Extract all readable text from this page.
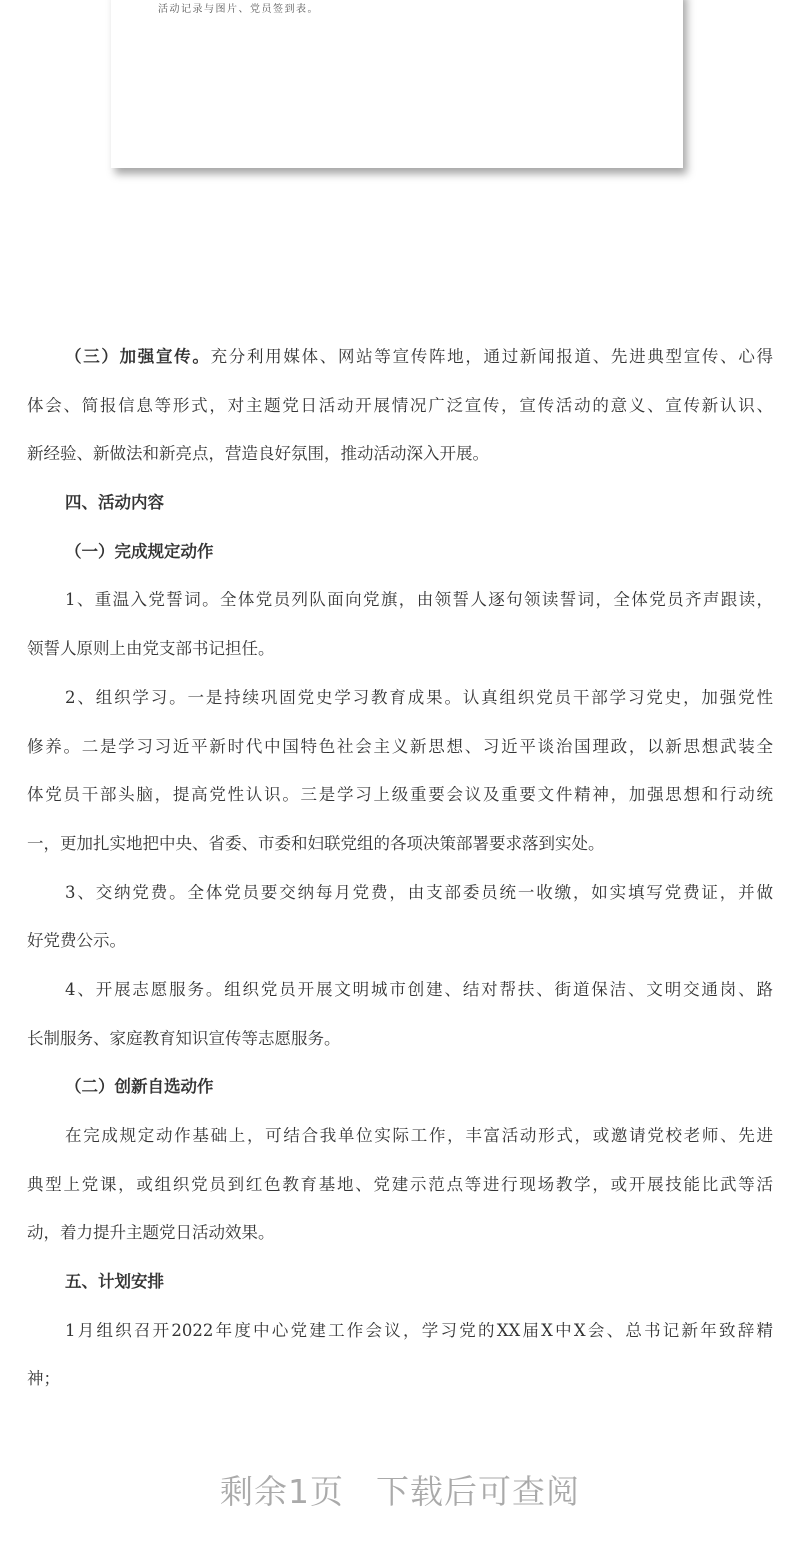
活动记录与图片、党员签到表。
（三）加强宣传。充分利用媒体、网站等宣传阵地，通过新闻报道、先进典型宣传、心得
体会、简报信息等形式，对主题党日活动开展情况广泛宣传，宣传活动的意义、宣传新认识、
新经验、新做法和新亮点，营造良好氛围，推动活动深入开展。
四、活动内容
（一）完成规定动作
1、重温入党誓词。全体党员列队面向党旗，由领誓人逐句领读誓词，全体党员齐声跟读，
领誓人原则上由党支部书记担任。
2、组织学习。一是持续巩固党史学习教育成果。认真组织党员干部学习党史，加强党性
修养。二是学习习近平新时代中国特色社会主义新思想、习近平谈治国理政，以新思想武装全
体党员干部头脑，提高党性认识。三是学习上级重要会议及重要文件精神，加强思想和行动统
一，更加扎实地把中央、省委、市委和妇联党组的各项决策部署要求落到实处。
3、交纳党费。全体党员要交纳每月党费，由支部委员统一收缴，如实填写党费证，并做
好党费公示。
4、开展志愿服务。组织党员开展文明城市创建、结对帮扶、街道保洁、文明交通岗、路
长制服务、家庭教育知识宣传等志愿服务。
（二）创新自选动作
在完成规定动作基础上，可结合我单位实际工作，丰富活动形式，或邀请党校老师、先进
典型上党课，或组织党员到红色教育基地、党建示范点等进行现场教学，或开展技能比武等活
动，着力提升主题党日活动效果。
五、计划安排
1月组织召开2022年度中心党建工作会议，学习党的XX届X中X会、总书记新年致辞精
神；
剩余1页 下载后可查阅
